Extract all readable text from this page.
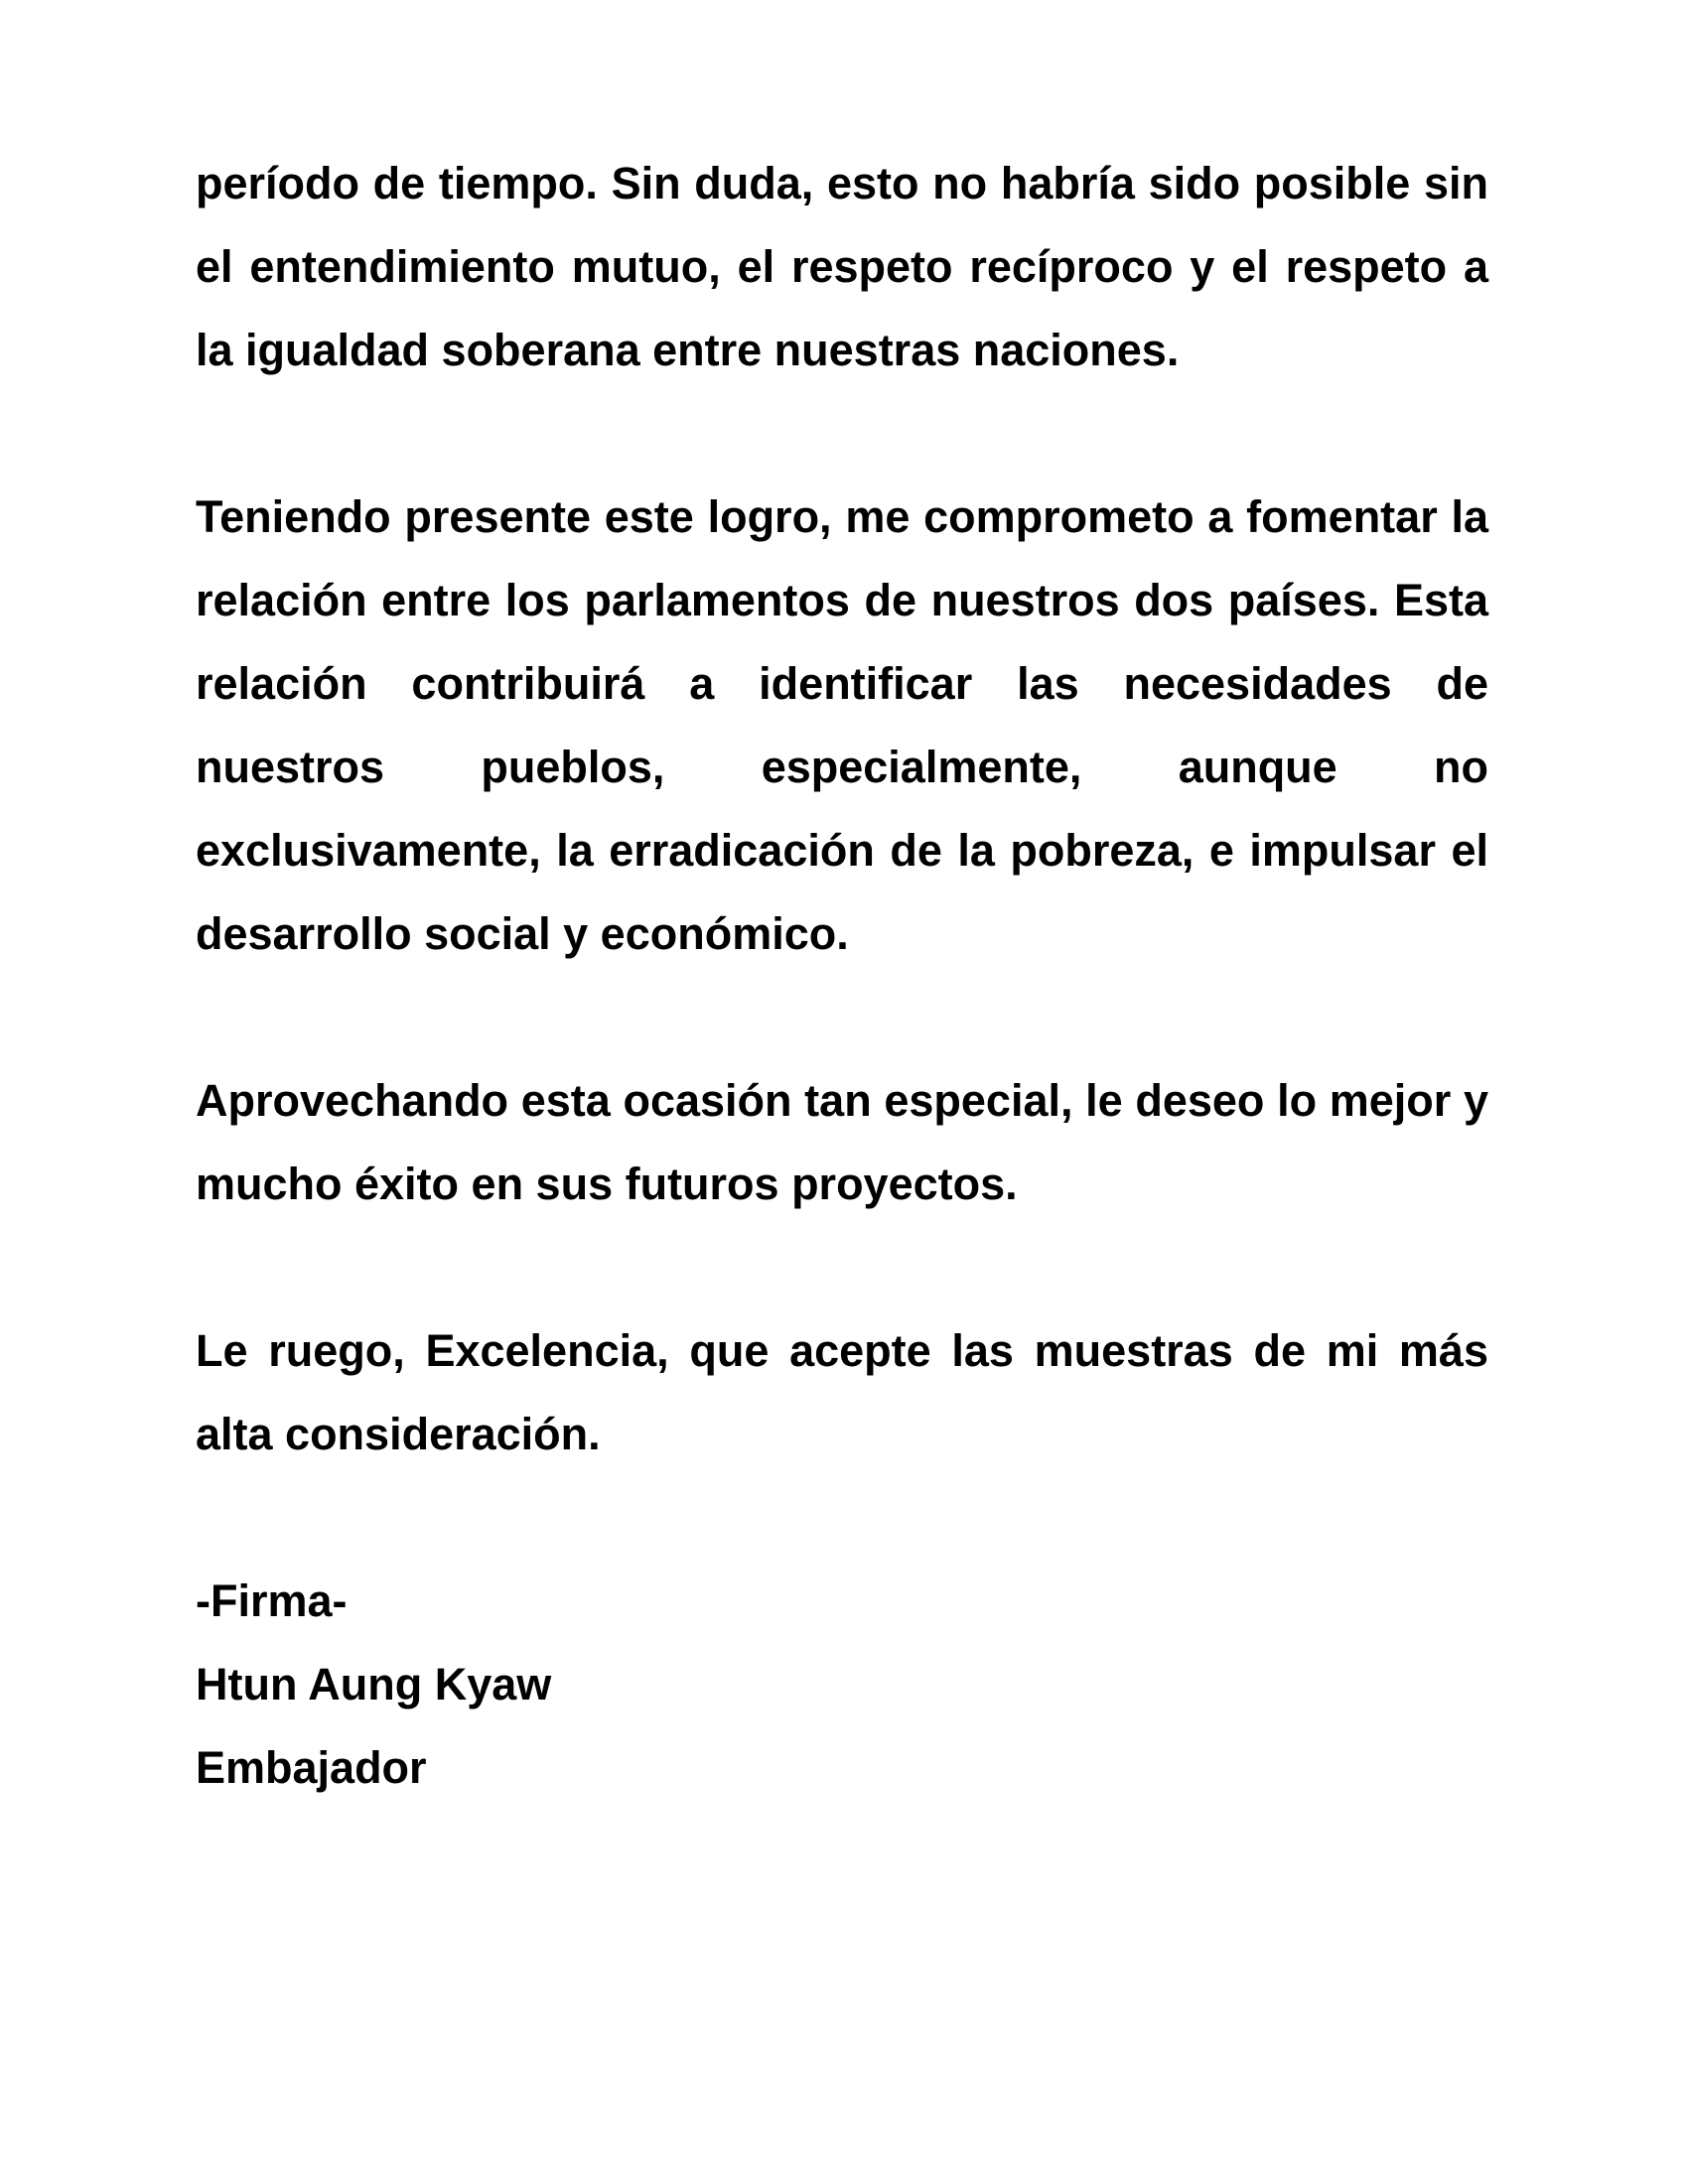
período de tiempo. Sin duda, esto no habría sido posible sin el entendimiento mutuo, el respeto recíproco y el respeto a la igualdad soberana entre nuestras naciones.

Teniendo presente este logro, me comprometo a fomentar la relación entre los parlamentos de nuestros dos países. Esta relación contribuirá a identificar las necesidades de nuestros pueblos, especialmente, aunque no exclusivamente, la erradicación de la pobreza, e impulsar el desarrollo social y económico.

Aprovechando esta ocasión tan especial, le deseo lo mejor y mucho éxito en sus futuros proyectos.

Le ruego, Excelencia, que acepte las muestras de mi más alta consideración.

-Firma-
Htun Aung Kyaw
Embajador
